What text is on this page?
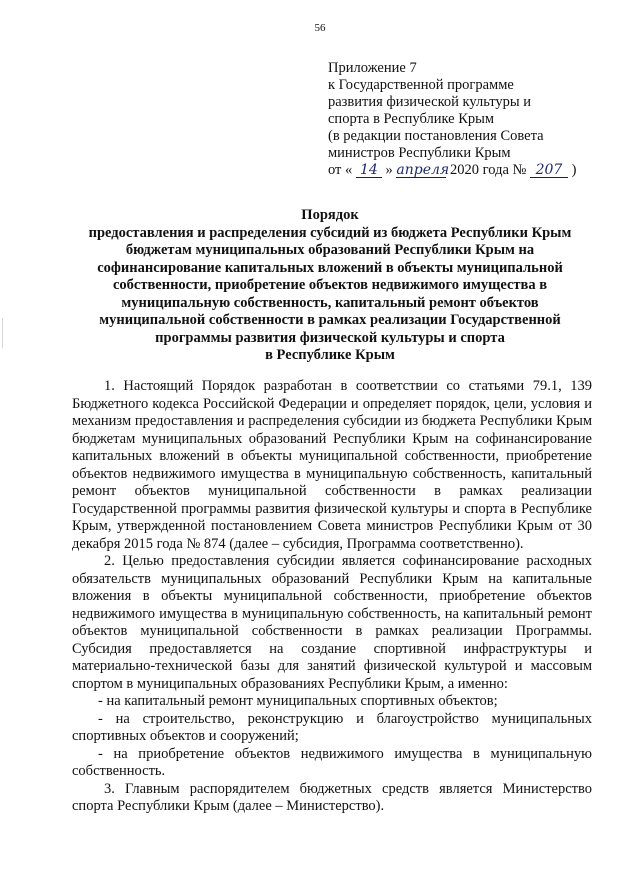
56
Приложение 7
к Государственной программе
развития физической культуры и
спорта в Республике Крым
(в редакции постановления Совета
министров Республики Крым
от « 14 » апреля 2020 года № 207 )
Порядок
предоставления и распределения субсидий из бюджета Республики Крым
бюджетам муниципальных образований Республики Крым на
софинансирование капитальных вложений в объекты муниципальной
собственности, приобретение объектов недвижимого имущества в
муниципальную собственность, капитальный ремонт объектов
муниципальной собственности в рамках реализации Государственной
программы развития физической культуры и спорта
в Республике Крым

1. Настоящий Порядок разработан в соответствии со статьями 79.1, 139 Бюджетного кодекса Российской Федерации и определяет порядок, цели, условия и механизм предоставления и распределения субсидии из бюджета Республики Крым бюджетам муниципальных образований Республики Крым на софинансирование капитальных вложений в объекты муниципальной собственности, приобретение объектов недвижимого имущества в муниципальную собственность, капитальный ремонт объектов муниципальной собственности в рамках реализации Государственной программы развития физической культуры и спорта в Республике Крым, утвержденной постановлением Совета министров Республики Крым от 30 декабря 2015 года № 874 (далее – субсидия, Программа соответственно).

2. Целью предоставления субсидии является софинансирование расходных обязательств муниципальных образований Республики Крым на капитальные вложения в объекты муниципальной собственности, приобретение объектов недвижимого имущества в муниципальную собственность, на капитальный ремонт объектов муниципальной собственности в рамках реализации Программы. Субсидия предоставляется на создание спортивной инфраструктуры и материально-технической базы для занятий физической культурой и массовым спортом в муниципальных образованиях Республики Крым, а именно:

- на капитальный ремонт муниципальных спортивных объектов;

- на строительство, реконструкцию и благоустройство муниципальных спортивных объектов и сооружений;

- на приобретение объектов недвижимого имущества в муниципальную собственность.

3. Главным распорядителем бюджетных средств является Министерство спорта Республики Крым (далее – Министерство).
